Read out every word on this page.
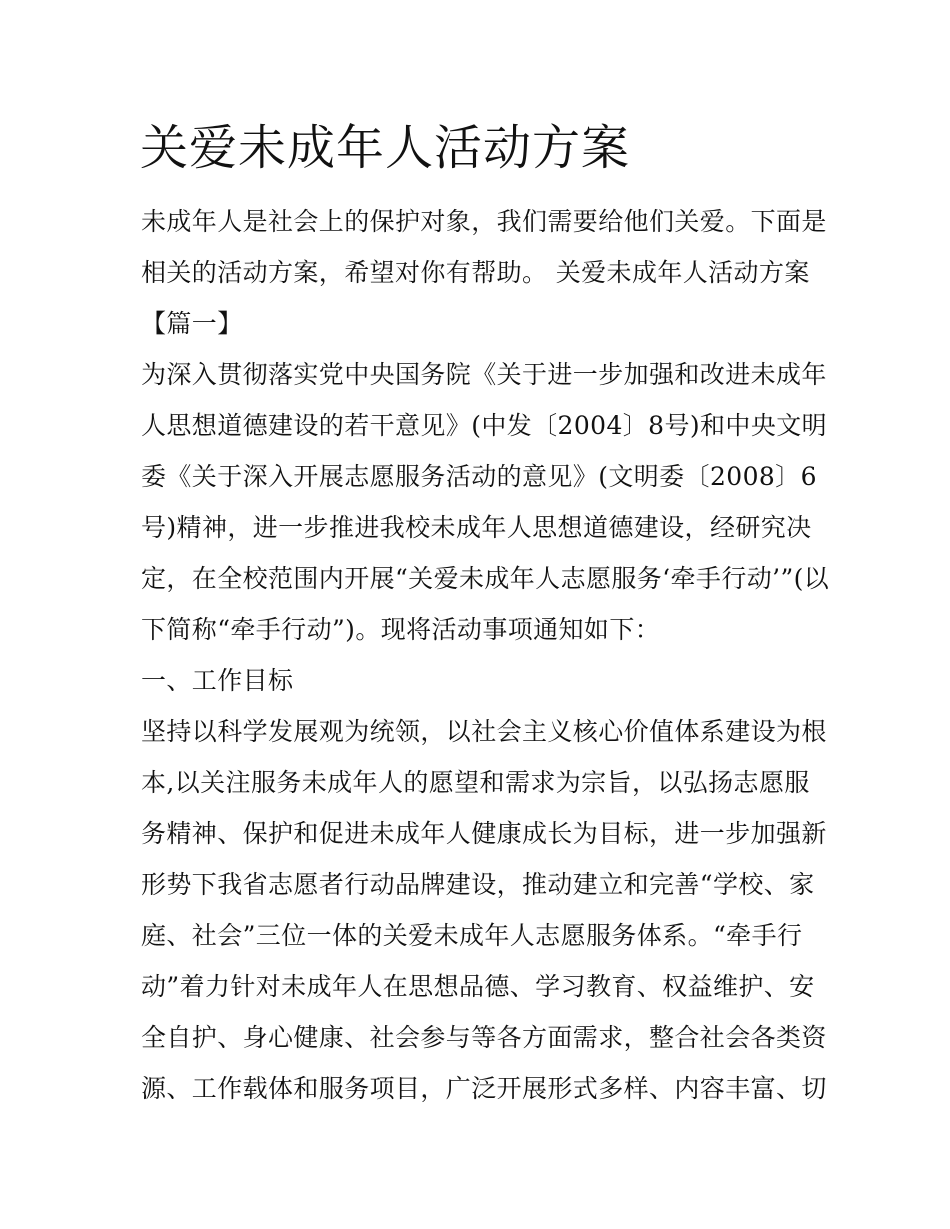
关爱未成年人活动方案

未成年人是社会上的保护对象，我们需要给他们关爱。下面是

相关的活动方案，希望对你有帮助。 关爱未成年人活动方案

【篇一】

为深入贯彻落实党中央国务院《关于进一步加强和改进未成年

人思想道德建设的若干意见》(中发〔2004〕8号)和中央文明

委《关于深入开展志愿服务活动的意见》(文明委〔2008〕6

号)精神，进一步推进我校未成年人思想道德建设，经研究决

定，在全校范围内开展“关爱未成年人志愿服务‘牵手行动’”(以

下简称“牵手行动”)。现将活动事项通知如下：

一、工作目标

坚持以科学发展观为统领，以社会主义核心价值体系建设为根

本,以关注服务未成年人的愿望和需求为宗旨，以弘扬志愿服

务精神、保护和促进未成年人健康成长为目标，进一步加强新

形势下我省志愿者行动品牌建设，推动建立和完善“学校、家

庭、社会”三位一体的关爱未成年人志愿服务体系。“牵手行

动”着力针对未成年人在思想品德、学习教育、权益维护、安

全自护、身心健康、社会参与等各方面需求，整合社会各类资

源、工作载体和服务项目，广泛开展形式多样、内容丰富、切
